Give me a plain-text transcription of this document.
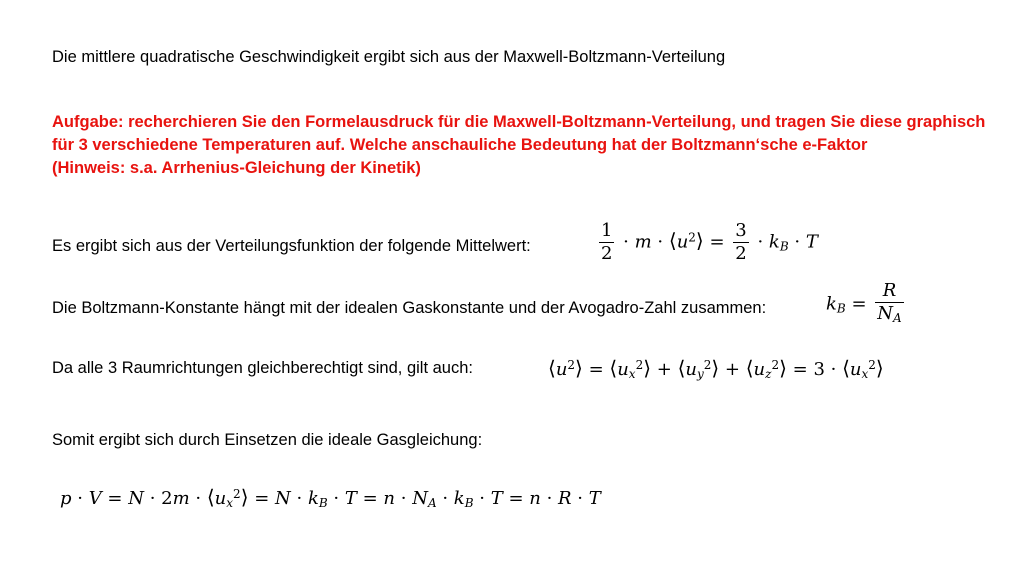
Die mittlere quadratische Geschwindigkeit ergibt sich aus der Maxwell-Boltzmann-Verteilung
Aufgabe: recherchieren Sie den Formelausdruck für die Maxwell-Boltzmann-Verteilung, und tragen Sie diese graphisch
für 3 verschiedene Temperaturen auf. Welche anschauliche Bedeutung hat der Boltzmann‘sche e-Faktor
(Hinweis: s.a. Arrhenius-Gleichung der Kinetik)
Es ergibt sich aus der Verteilungsfunktion der folgende Mittelwert:	$\frac{1}{2} \cdot m$ · $⟨u^2⟩ = \frac{3}{2} \cdot k_B \cdot T$
Die Boltzmann-Konstante hängt mit der idealen Gaskonstante und der Avogadro-Zahl zusammen:	$k_B = \frac{R}{N_A}$
Da alle 3 Raumrichtungen gleichberechtigt sind, gilt auch:	$⟨u^2⟩$ = $⟨u_x^2⟩$ + $⟨u_y^2⟩$ + $⟨u_z^2⟩ = 3$ · $⟨u_x^2⟩$
Somit ergibt sich durch Einsetzen die ideale Gasgleichung:
$p \cdot V = N \cdot 2m \cdot ⟨u_x^2⟩ = N \cdot k_B \cdot T = n \cdot N_A \cdot k_B \cdot T = n \cdot R \cdot T$
